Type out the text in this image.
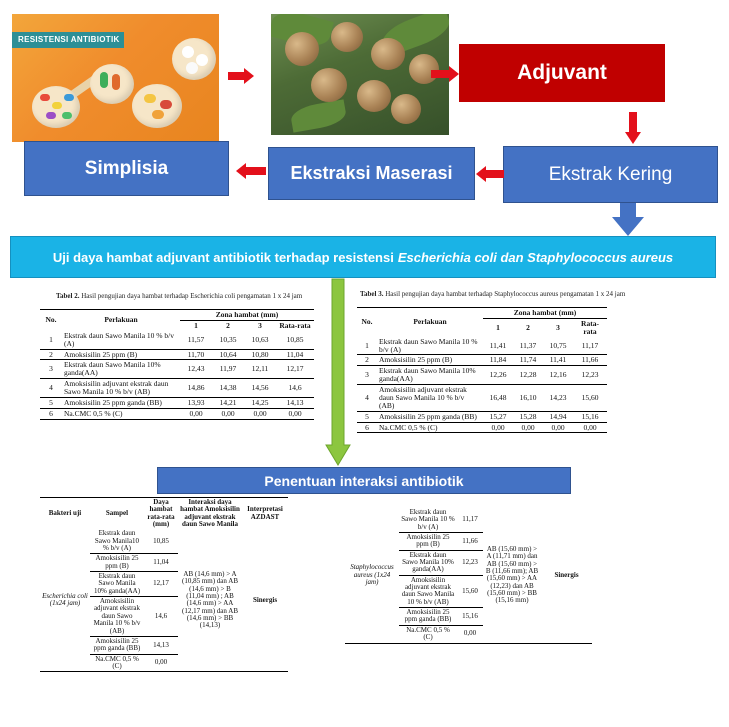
RESISTENSI ANTIBIOTIK
Adjuvant
Simplisia	Ekstraksi Maserasi	Ekstrak Kering
Uji daya hambat adjuvant antibiotik terhadap resistensi Escherichia coli dan Staphylococcus aureus
Penentuan interaksi antibiotik
Tabel 2. Hasil pengujian daya hambat terhadap Escherichia coli pengamatan 1 x 24 jam
No.	Perlakuan	Zona hambat (mm)			
		1	2	3	Rata-rata
1	Ekstrak daun Sawo Manila 10 % b/v (A)	11,57	10,35	10,63	10,85
2	Amoksisilin 25 ppm (B)	11,70	10,64	10,80	11,04
3	Ekstrak daun Sawo Manila 10% ganda(AA)	12,43	11,97	12,11	12,17
4	Amoksisilin adjuvant ekstrak daun Sawo Manila 10 % b/v (AB)	14,86	14,38	14,56	14,6
5	Amoksisilin 25 ppm ganda (BB)	13,93	14,21	14,25	14,13
6	Na.CMC 0,5 % (C)	0,00	0,00	0,00	0,00
Tabel 3. Hasil pengujian daya hambat terhadap Staphylococcus aureus pengamatan 1 x 24 jam
No.	Perlakuan	Zona hambat (mm)			
		1	2	3	Rata-rata
1	Ekstrak daun Sawo Manila 10 % b/v (A)	11,41	11,37	10,75	11,17
2	Amoksisilin 25 ppm (B)	11,84	11,74	11,41	11,66
3	Ekstrak daun Sawo Manila 10% ganda(AA)	12,26	12,28	12,16	12,23
4	Amoksisilin adjuvant ekstrak daun Sawo Manila 10 % b/v (AB)	16,48	16,10	14,23	15,60
5	Amoksisilin 25 ppm ganda (BB)	15,27	15,28	14,94	15,16
6	Na.CMC 0,5 % (C)	0,00	0,00	0,00	0,00
Bakteri uji	Sampel	Daya hambat rata-rata (mm)	Interaksi daya hambat Amoksisilin adjuvant ekstrak daun Sawo Manila	Interpretasi AZDAST
Escherichia coli (1x24 jam)	Ekstrak daun Sawo Manila10 % b/v (A)	10,85	AB (14,6 mm) > A (10,85 mm) dan AB (14,6 mm) > B (11,04 mm) ; AB (14,6 mm) > AA (12,17 mm) dan AB (14,6 mm) > BB (14,13)	Sinergis
	Amoksisilin 25 ppm (B)	11,04		
	Ekstrak daun Sawo Manila 10% ganda(AA)	12,17		
	Amoksisilin adjuvant ekstrak daun Sawo Manila 10 % b/v (AB)	14,6		
	Amoksisilin 25 ppm ganda (BB)	14,13		
	Na.CMC 0,5 % (C)	0,00		
Staphylococcus aureus (1x24 jam)	Ekstrak daun Sawo Manila 10 % b/v (A)	11,17	AB (15,60 mm) > A (11,71 mm) dan AB (15,60 mm) > B (11,66 mm); AB (15,60 mm) > AA (12,23) dan AB (15,60 mm) > BB (15,16 mm)	Sinergis
	Amoksisilin 25 ppm (B)	11,66		
	Ekstrak daun Sawo Manila 10% ganda(AA)	12,23		
	Amoksisilin adjuvant ekstrak daun Sawo Manila 10 % b/v (AB)	15,60		
	Amoksisilin 25 ppm ganda (BB)	15,16		
	Na.CMC 0,5 % (C)	0,00		
